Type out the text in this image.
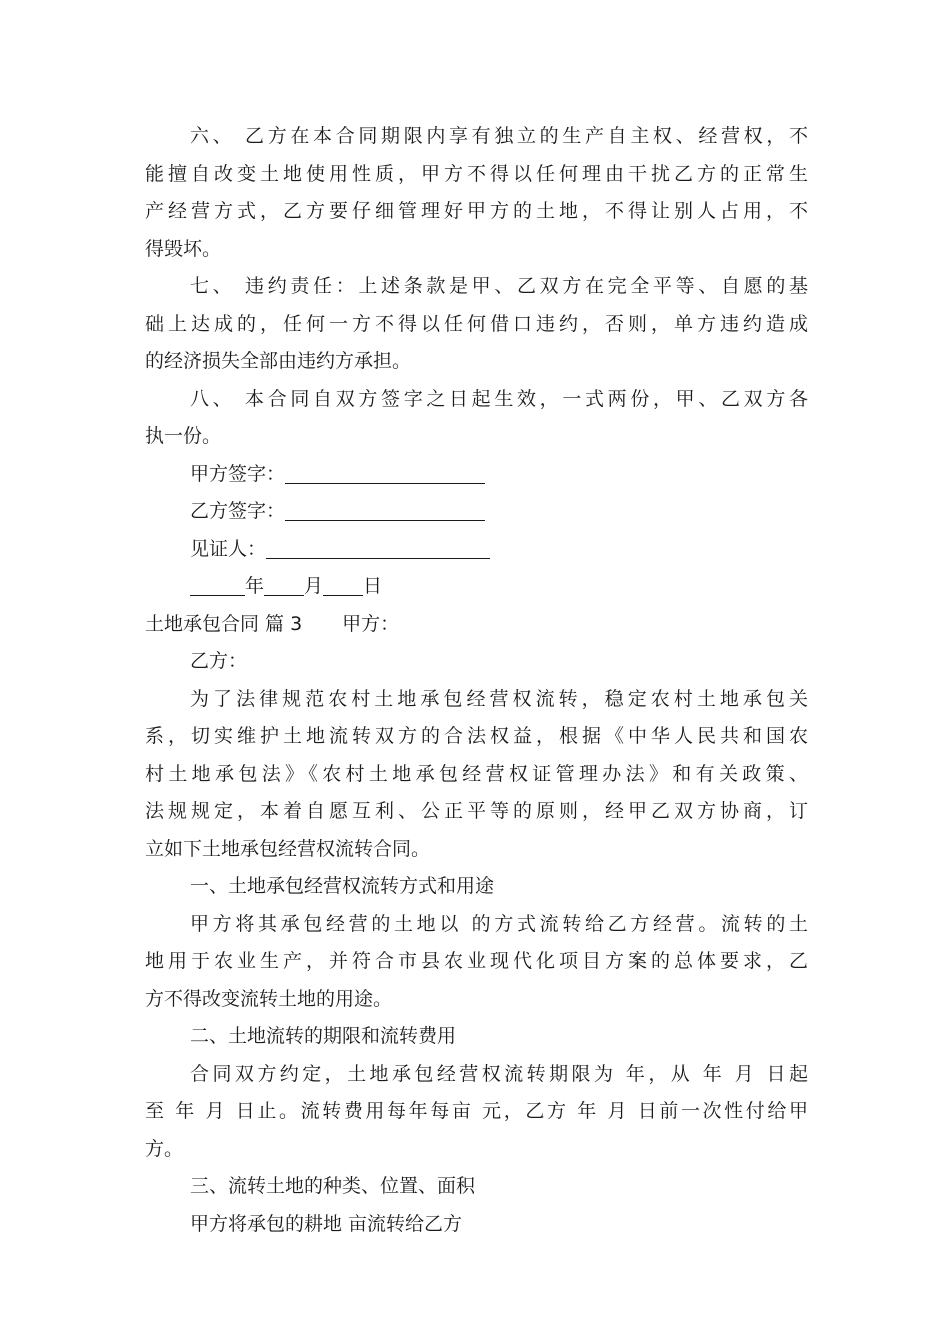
六、 乙方在本合同期限内享有独立的生产自主权、经营权，不
能擅自改变土地使用性质，甲方不得以任何理由干扰乙方的正常生
产经营方式，乙方要仔细管理好甲方的土地，不得让别人占用，不
得毁坏。
七、 违约责任：上述条款是甲、乙双方在完全平等、自愿的基
础上达成的，任何一方不得以任何借口违约，否则，单方违约造成
的经济损失全部由违约方承担。
八、 本合同自双方签字之日起生效，一式两份，甲、乙双方各
执一份。
甲方签字：
乙方签字：
见证人：
年 月 日
土地承包合同 篇 3 甲方：
乙方：
为了法律规范农村土地承包经营权流转，稳定农村土地承包关
系，切实维护土地流转双方的合法权益，根据《中华人民共和国农
村土地承包法》《农村土地承包经营权证管理办法》和有关政策、
法规规定，本着自愿互利、公正平等的原则，经甲乙双方协商，订
立如下土地承包经营权流转合同。
一、土地承包经营权流转方式和用途
甲方将其承包经营的土地以 的方式流转给乙方经营。流转的土
地用于农业生产，并符合市县农业现代化项目方案的总体要求，乙
方不得改变流转土地的用途。
二、土地流转的期限和流转费用
合同双方约定，土地承包经营权流转期限为 年，从 年 月 日起
至 年 月 日止。流转费用每年每亩 元，乙方 年 月 日前一次性付给甲
方。
三、流转土地的种类、位置、面积
甲方将承包的耕地 亩流转给乙方
